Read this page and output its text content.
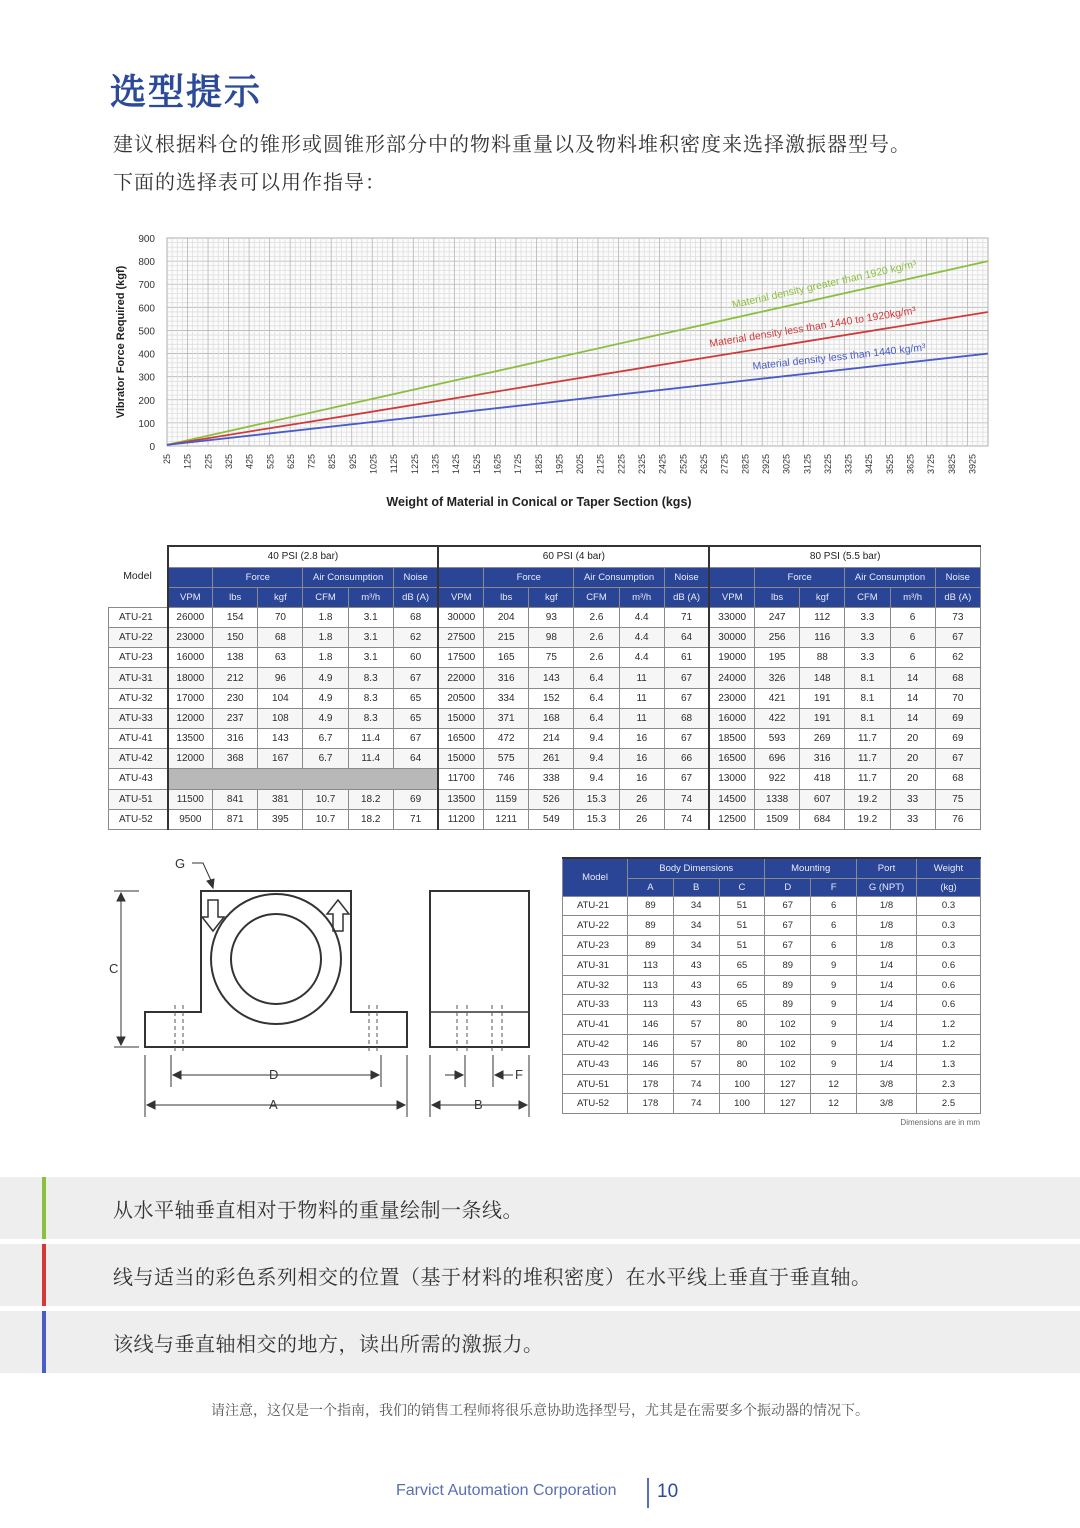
选型提示
建议根据料仓的锥形或圆锥形部分中的物料重量以及物料堆积密度来选择激振器型号。
下面的选择表可以用作指导：
0
100
200
300
400
500
600
700
800
900
25 125 225 325 425 525 625 725 825 925 1025 1125 1225 1325 1425 1525 1625 1725 1825 1925 2025 2125 2225 2325 2425 2525 2625 2725 2825 2925 3025 3125 3225 3325 3425 3525 3625 3725 3825 3925
Vibrator Force Required (kgf)
Weight of Material in Conical or Taper Section (kgs)
Material density greater than 1920 kg/m³
Material density less than 1440 to 1920kg/m³
Material density less than 1440 kg/m³
Model	40 PSI (2.8 bar)						60 PSI (4 bar)						80 PSI (5.5 bar)					
		Force		Air Consumption		Noise		Force		Air Consumption		Noise		Force		Air Consumption		Noise
	VPM	lbs	kgf	CFM	m³/h	dB (A)	VPM	lbs	kgf	CFM	m³/h	dB (A)	VPM	lbs	kgf	CFM	m³/h	dB (A)
ATU-21	26000	154	70	1.8	3.1	68	30000	204	93	2.6	4.4	71	33000	247	112	3.3	6	73
ATU-22	23000	150	68	1.8	3.1	62	27500	215	98	2.6	4.4	64	30000	256	116	3.3	6	67
ATU-23	16000	138	63	1.8	3.1	60	17500	165	75	2.6	4.4	61	19000	195	88	3.3	6	62
ATU-31	18000	212	96	4.9	8.3	67	22000	316	143	6.4	11	67	24000	326	148	8.1	14	68
ATU-32	17000	230	104	4.9	8.3	65	20500	334	152	6.4	11	67	23000	421	191	8.1	14	70
ATU-33	12000	237	108	4.9	8.3	65	15000	371	168	6.4	11	68	16000	422	191	8.1	14	69
ATU-41	13500	316	143	6.7	11.4	67	16500	472	214	9.4	16	67	18500	593	269	11.7	20	69
ATU-42	12000	368	167	6.7	11.4	64	15000	575	261	9.4	16	66	16500	696	316	11.7	20	67
ATU-43							11700	746	338	9.4	16	67	13000	922	418	11.7	20	68
ATU-51	11500	841	381	10.7	18.2	69	13500	1159	526	15.3	26	74	14500	1338	607	19.2	33	75
ATU-52	9500	871	395	10.7	18.2	71	11200	1211	549	15.3	26	74	12500	1509	684	19.2	33	76
G
C
D
A	B
F
Model	Body Dimensions			Mounting		Port	Weight
	A	B	C	D	F	G (NPT)	(kg)
ATU-21	89	34	51	67	6	1/8	0.3
ATU-22	89	34	51	67	6	1/8	0.3
ATU-23	89	34	51	67	6	1/8	0.3
ATU-31	113	43	65	89	9	1/4	0.6
ATU-32	113	43	65	89	9	1/4	0.6
ATU-33	113	43	65	89	9	1/4	0.6
ATU-41	146	57	80	102	9	1/4	1.2
ATU-42	146	57	80	102	9	1/4	1.2
ATU-43	146	57	80	102	9	1/4	1.3
ATU-51	178	74	100	127	12	3/8	2.3
ATU-52	178	74	100	127	12	3/8	2.5
Dimensions are in mm
从水平轴垂直相对于物料的重量绘制一条线。
线与适当的彩色系列相交的位置（基于材料的堆积密度）在水平线上垂直于垂直轴。
该线与垂直轴相交的地方，读出所需的激振力。
请注意，这仅是一个指南，我们的销售工程师将很乐意协助选择型号，尤其是在需要多个振动器的情况下。
Farvict Automation Corporation 10
